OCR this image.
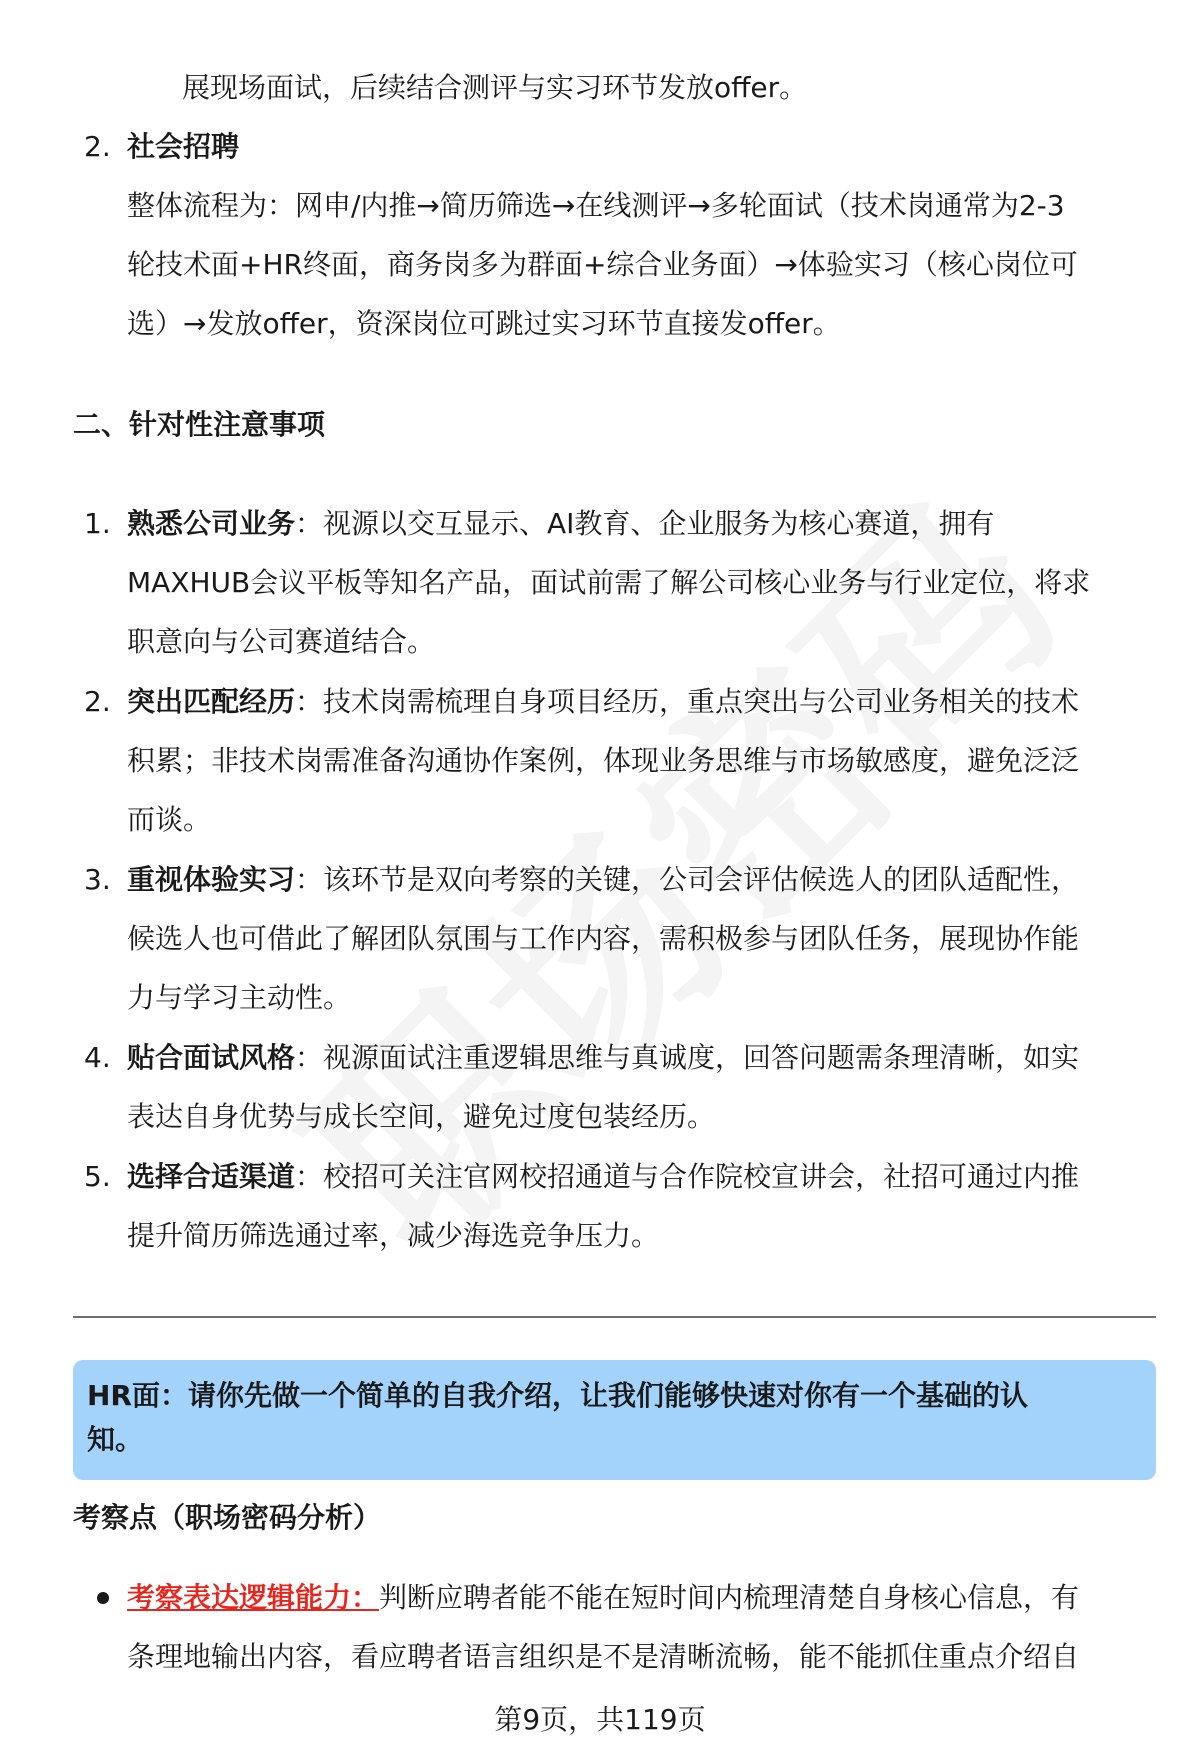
展现场面试，后续结合测评与实习环节发放offer。
2. 社会招聘
整体流程为：网申/内推→简历筛选→在线测评→多轮面试（技术岗通常为2-3
轮技术面+HR终面，商务岗多为群面+综合业务面）→体验实习（核心岗位可
选）→发放offer，资深岗位可跳过实习环节直接发offer。
二、针对性注意事项
1. 熟悉公司业务：视源以交互显示、AI教育、企业服务为核心赛道，拥有
MAXHUB会议平板等知名产品，面试前需了解公司核心业务与行业定位，将求
职意向与公司赛道结合。
2. 突出匹配经历：技术岗需梳理自身项目经历，重点突出与公司业务相关的技术
积累；非技术岗需准备沟通协作案例，体现业务思维与市场敏感度，避免泛泛
而谈。
3. 重视体验实习：该环节是双向考察的关键，公司会评估候选人的团队适配性，
候选人也可借此了解团队氛围与工作内容，需积极参与团队任务，展现协作能
力与学习主动性。
4. 贴合面试风格：视源面试注重逻辑思维与真诚度，回答问题需条理清晰，如实
表达自身优势与成长空间，避免过度包装经历。
5. 选择合适渠道：校招可关注官网校招通道与合作院校宣讲会，社招可通过内推
提升简历筛选通过率，减少海选竞争压力。
HR面：请你先做一个简单的自我介绍，让我们能够快速对你有一个基础的认
知。
考察点（职场密码分析）
考察表达逻辑能力：判断应聘者能不能在短时间内梳理清楚自身核心信息，有
条理地输出内容，看应聘者语言组织是不是清晰流畅，能不能抓住重点介绍自
第9页，共119页
